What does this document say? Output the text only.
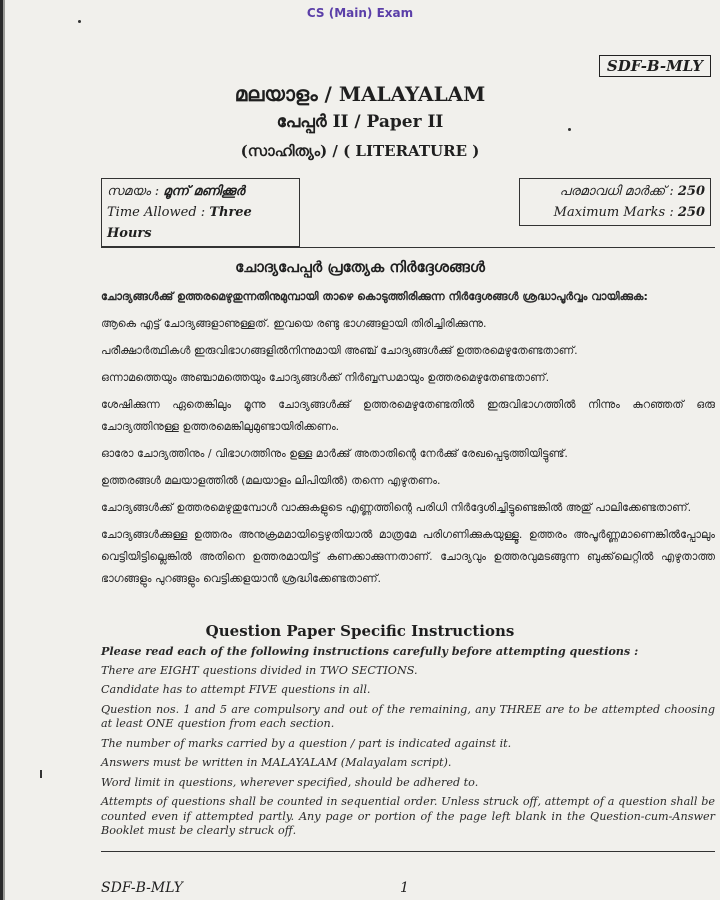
CS (Main) Exam
SDF-B-MLY
മലയാളം / MALAYALAM
പേപ്പർ II / Paper II
(സാഹിത്യം) / ( LITERATURE )
സമയം : മൂന്ന് മണിക്കൂർ
Time Allowed : Three Hours
പരമാവധി മാർക്ക് : 250
Maximum Marks : 250
ചോദ്യപേപ്പർ പ്രത്യേക നിർദ്ദേശങ്ങൾ

ചോദ്യങ്ങൾക്കു് ഉത്തരമെഴുതുന്നതിനുമുമ്പായി താഴെ കൊടുത്തിരിക്കുന്ന നിർദ്ദേശങ്ങൾ ശ്രദ്ധാപൂർവ്വം വായിക്കുക:

ആകെ എട്ട് ചോദ്യങ്ങളാണുള്ളത്. ഇവയെ രണ്ടു ഭാഗങ്ങളായി തിരിച്ചിരിക്കുന്നു.

പരീക്ഷാർത്ഥികൾ ഇരുവിഭാഗങ്ങളിൽനിന്നുമായി അഞ്ച് ചോദ്യങ്ങൾക്കു് ഉത്തരമെഴുതേണ്ടതാണ്.

ഒന്നാമത്തെയും അഞ്ചാമത്തെയും ചോദ്യങ്ങൾക്ക് നിർബ്ബന്ധമായും ഉത്തരമെഴുതേണ്ടതാണ്.

ശേഷിക്കുന്ന ഏതെങ്കിലും മൂന്നു ചോദ്യങ്ങൾക്കു് ഉത്തരമെഴുതേണ്ടതിൽ ഇരുവിഭാഗത്തിൽ നിന്നും കുറഞ്ഞത് ഒരു ചോദ്യത്തിനുള്ള ഉത്തരമെങ്കിലുമുണ്ടായിരിക്കണം.

ഓരോ ചോദ്യത്തിനും / വിഭാഗത്തിനും ഉള്ള മാർക്കു് അതാതിന്റെ നേർക്കു് രേഖപ്പെടുത്തിയിട്ടുണ്ട്.

ഉത്തരങ്ങൾ മലയാളത്തിൽ (മലയാളം ലിപിയിൽ) തന്നെ എഴുതണം.

ചോദ്യങ്ങൾക്ക് ഉത്തരമെഴുതുമ്പോൾ വാക്കുകളുടെ എണ്ണത്തിന്റെ പരിധി നിർദ്ദേശിച്ചിട്ടുണ്ടെങ്കിൽ അതു് പാലിക്കേണ്ടതാണ്.

ചോദ്യങ്ങൾക്കുള്ള ഉത്തരം അനുക്രമമായിട്ടെഴുതിയാൽ മാത്രമേ പരിഗണിക്കുകയുള്ളൂ. ഉത്തരം അപൂർണ്ണമാണെങ്കിൽപ്പോലും വെട്ടിയിട്ടില്ലെങ്കിൽ അതിനെ ഉത്തരമായിട്ട് കണക്കാക്കുന്നതാണ്. ചോദ്യവും ഉത്തരവുമടങ്ങുന്ന ബുക്ക്‌ലെറ്റിൽ എഴുതാത്ത ഭാഗങ്ങളും പുറങ്ങളും വെട്ടിക്കളയാൻ ശ്രദ്ധിക്കേണ്ടതാണ്.

Question Paper Specific Instructions

Please read each of the following instructions carefully before attempting questions :

There are EIGHT questions divided in TWO SECTIONS.

Candidate has to attempt FIVE questions in all.

Question nos. 1 and 5 are compulsory and out of the remaining, any THREE are to be attempted choosing at least ONE question from each section.

The number of marks carried by a question / part is indicated against it.

Answers must be written in MALAYALAM (Malayalam script).

Word limit in questions, wherever specified, should be adhered to.

Attempts of questions shall be counted in sequential order. Unless struck off, attempt of a question shall be counted even if attempted partly. Any page or portion of the page left blank in the Question-cum-Answer Booklet must be clearly struck off.

SDF-B-MLY	1
